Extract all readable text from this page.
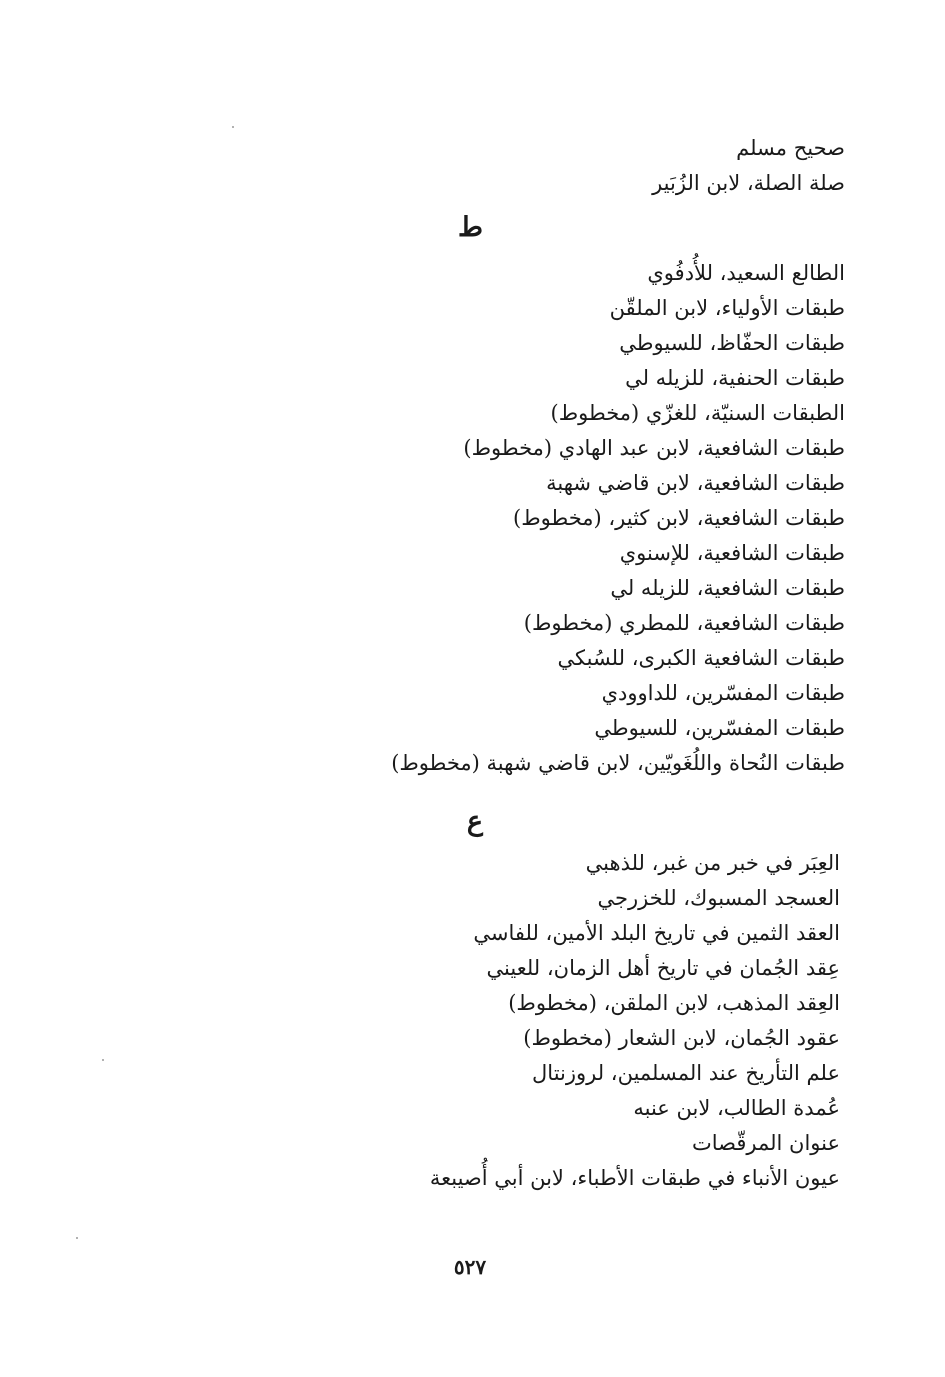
صحيح مسلم
صلة الصلة، لابن الزُبَير
ط
الطالع السعيد، للأُدفُوي
طبقات الأولياء، لابن الملقّن
طبقات الحفّاظ، للسيوطي
طبقات الحنفية، للزيله لي
الطبقات السنيّة، للغزّي (مخطوط)
طبقات الشافعية، لابن عبد الهادي (مخطوط)
طبقات الشافعية، لابن قاضي شهبة
طبقات الشافعية، لابن كثير، (مخطوط)
طبقات الشافعية، للإسنوي
طبقات الشافعية، للزيله لي
طبقات الشافعية، للمطري (مخطوط)
طبقات الشافعية الكبرى، للسُبكي
طبقات المفسّرين، للداوودي
طبقات المفسّرين، للسيوطي
طبقات النُحاة واللُغَويّين، لابن قاضي شهبة (مخطوط)
ع
العِبَر في خبر من غبر، للذهبي
العسجد المسبوك، للخزرجي
العقد الثمين في تاريخ البلد الأمين، للفاسي
عِقد الجُمان في تاريخ أهل الزمان، للعيني
العِقد المذهب، لابن الملقن، (مخطوط)
عقود الجُمان، لابن الشعار (مخطوط)
علم التأريخ عند المسلمين، لروزنتال
عُمدة الطالب، لابن عنبه
عنوان المرقّصات
عيون الأنباء في طبقات الأطباء، لابن أبي أُصيبعة
٥٢٧
